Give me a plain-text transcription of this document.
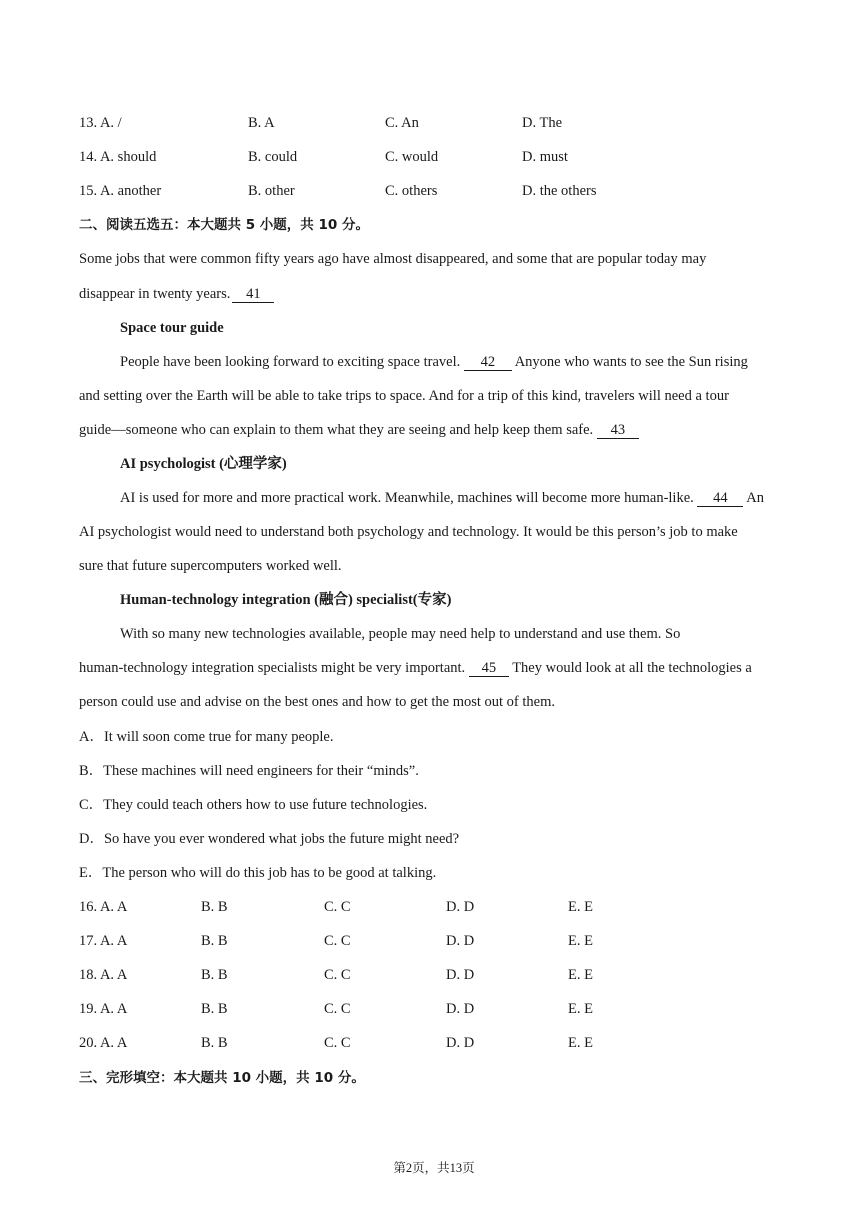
13. A. /	B. A	C. An	D. The
14. A. should	B. could	C. would	D. must
15. A. another	B. other	C. others	D. the others
二、阅读五选五：本大题共 5 小题，共 10 分。
Some jobs that were common fifty years ago have almost disappeared, and some that are popular today may
disappear in twenty years. 41
Space tour guide
People have been looking forward to exciting space travel. 42 Anyone who wants to see the Sun rising
and setting over the Earth will be able to take trips to space. And for a trip of this kind, travelers will need a tour
guide—someone who can explain to them what they are seeing and help keep them safe. 43
AI psychologist (心理学家)
AI is used for more and more practical work. Meanwhile, machines will become more human-like. 44 An
AI psychologist would need to understand both psychology and technology. It would be this person’s job to make
sure that future supercomputers worked well.
Human-technology integration (融合) specialist(专家)
With so many new technologies available, people may need help to understand and use them. So
human-technology integration specialists might be very important. 45 They would look at all the technologies a
person could use and advise on the best ones and how to get the most out of them.
A．It will soon come true for many people.
B．These machines will need engineers for their “minds”.
C．They could teach others how to use future technologies.
D．So have you ever wondered what jobs the future might need?
E．The person who will do this job has to be good at talking.
16. A. A	B. B	C. C	D. D	E. E
17. A. A	B. B	C. C	D. D	E. E
18. A. A	B. B	C. C	D. D	E. E
19. A. A	B. B	C. C	D. D	E. E
20. A. A	B. B	C. C	D. D	E. E
三、完形填空：本大题共 10 小题，共 10 分。
第2页，共13页
